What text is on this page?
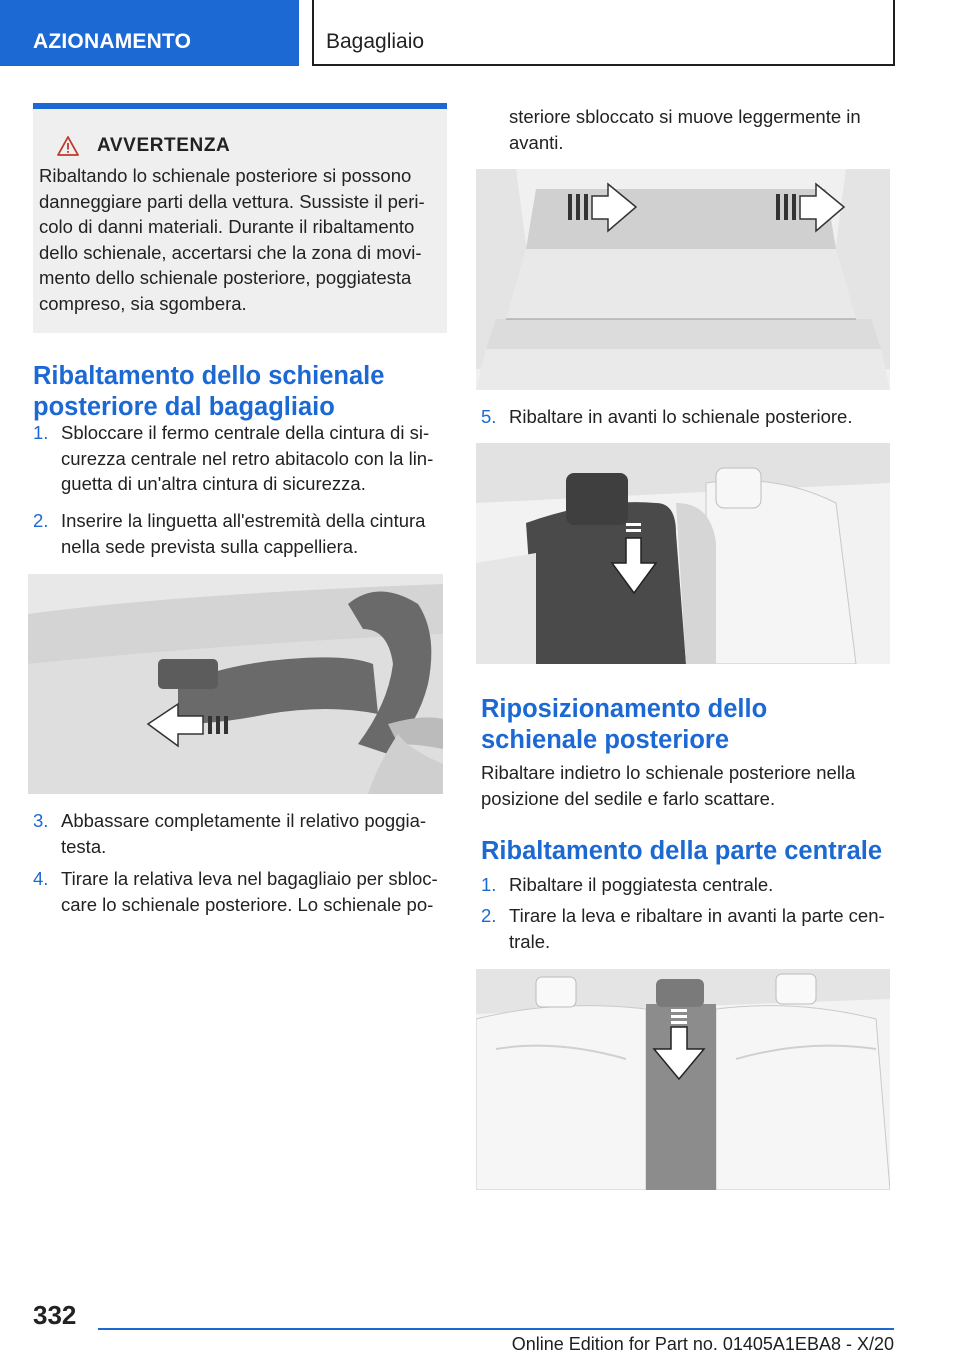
AZIONAMENTO	Bagagliaio
AVVERTENZA
Ribaltando lo schienale posteriore si possono
danneggiare parti della vettura. Sussiste il peri-
colo di danni materiali. Durante il ribaltamento
dello schienale, accertarsi che la zona di movi-
mento dello schienale posteriore, poggiatesta
compreso, sia sgombera.
Ribaltamento dello schienale
posteriore dal bagagliaio
1. Sbloccare il fermo centrale della cintura di si-
curezza centrale nel retro abitacolo con la lin-
guetta di un'altra cintura di sicurezza.
2. Inserire la linguetta all'estremità della cintura
nella sede prevista sulla cappelliera.
3. Abbassare completamente il relativo poggia-
testa.
4. Tirare la relativa leva nel bagagliaio per sbloc-
care lo schienale posteriore. Lo schienale po-
steriore sbloccato si muove leggermente in
avanti.
5. Ribaltare in avanti lo schienale posteriore.
Riposizionamento dello
schienale posteriore
Ribaltare indietro lo schienale posteriore nella
posizione del sedile e farlo scattare.
Ribaltamento della parte centrale
1. Ribaltare il poggiatesta centrale.
2. Tirare la leva e ribaltare in avanti la parte cen-
trale.
332
Online Edition for Part no. 01405A1EBA8 - X/20
